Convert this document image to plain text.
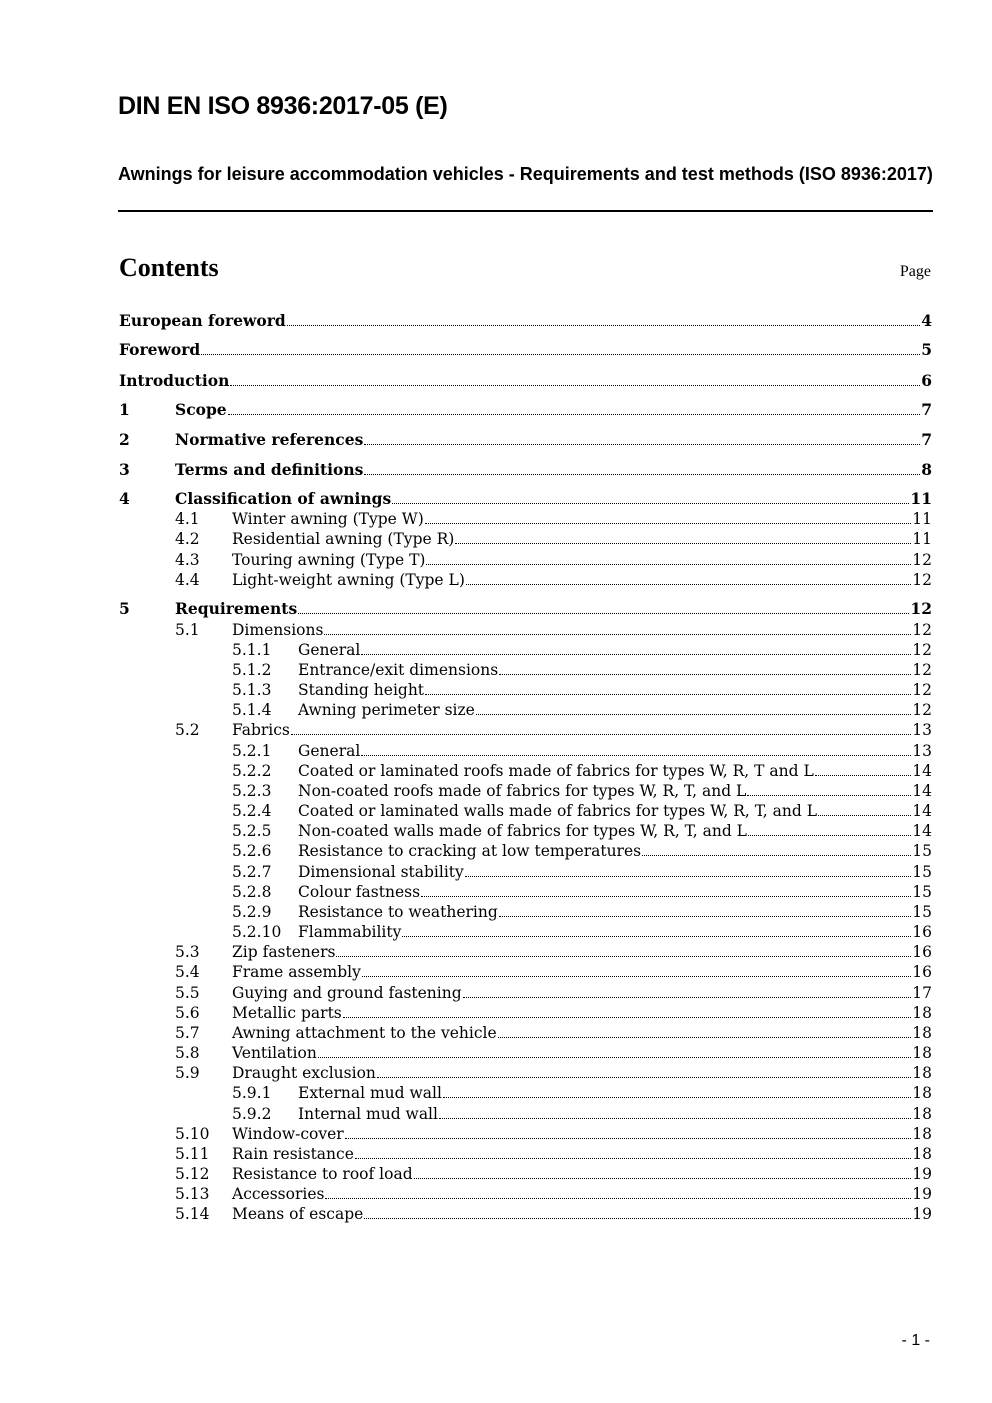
DIN EN ISO 8936:2017-05 (E)
Awnings for leisure accommodation vehicles - Requirements and test methods (ISO 8936:2017)
Contents	Page
European foreword	4
Foreword	5
Introduction	6
1	Scope	7
2	Normative references	7
3	Terms and definitions	8
4	Classification of awnings	11
4.1 Winter awning (Type W)	11
4.2 Residential awning (Type R)	11
4.3 Touring awning (Type T)	12
4.4 Light-weight awning (Type L)	12
5	Requirements	12
5.1 Dimensions	12
5.1.1 General	12
5.1.2 Entrance/exit dimensions	12
5.1.3 Standing height	12
5.1.4 Awning perimeter size	12
5.2 Fabrics	13
5.2.1 General	13
5.2.2 Coated or laminated roofs made of fabrics for types W, R, T and L	14
5.2.3 Non-coated roofs made of fabrics for types W, R, T, and L	14
5.2.4 Coated or laminated walls made of fabrics for types W, R, T, and L	14
5.2.5 Non-coated walls made of fabrics for types W, R, T, and L	14
5.2.6 Resistance to cracking at low temperatures	15
5.2.7 Dimensional stability	15
5.2.8 Colour fastness	15
5.2.9 Resistance to weathering	15
5.2.10 Flammability	16
5.3 Zip fasteners	16
5.4 Frame assembly	16
5.5 Guying and ground fastening	17
5.6 Metallic parts	18
5.7 Awning attachment to the vehicle	18
5.8 Ventilation	18
5.9 Draught exclusion	18
5.9.1 External mud wall	18
5.9.2 Internal mud wall	18
5.10 Window-cover	18
5.11 Rain resistance	18
5.12 Resistance to roof load	19
5.13 Accessories	19
5.14 Means of escape	19
- 1 -
